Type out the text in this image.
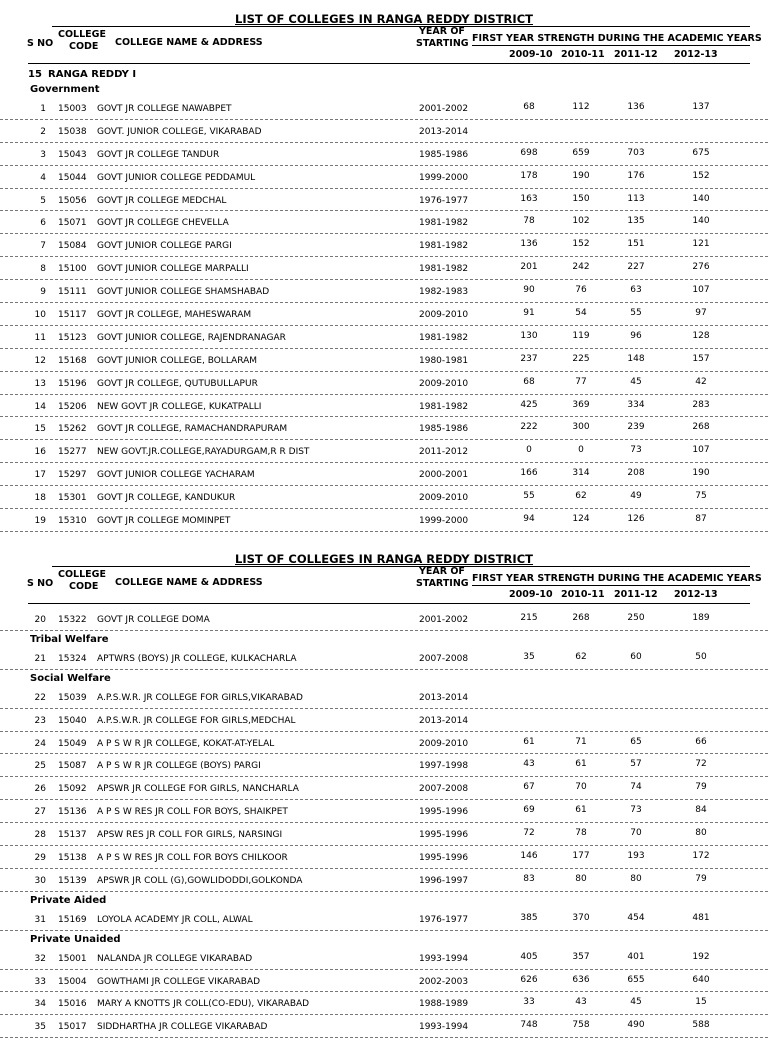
LIST OF COLLEGES IN RANGA REDDY DISTRICT
S NO
COLLEGE
CODE COLLEGE NAME & ADDRESS
YEAR OF
STARTING FIRST YEAR STRENGTH DURING THE ACADEMIC YEARS
2009-10 2010-11 2011-12 2012-13
15 RANGA REDDY I
Government
1 15003 GOVT JR COLLEGE NAWABPET	2001-2002	68	112	136	137
2 15038 GOVT. JUNIOR COLLEGE, VIKARABAD	2013-2014
3 15043 GOVT JR COLLEGE TANDUR	1985-1986	698	659	703	675
4 15044 GOVT JUNIOR COLLEGE PEDDAMUL	1999-2000	178	190	176	152
5 15056 GOVT JR COLLEGE MEDCHAL	1976-1977	163	150	113	140
6 15071 GOVT JR COLLEGE CHEVELLA	1981-1982	78	102	135	140
7 15084 GOVT JUNIOR COLLEGE PARGI	1981-1982	136	152	151	121
8 15100 GOVT JUNIOR COLLEGE MARPALLI	1981-1982	201	242	227	276
9 15111 GOVT JUNIOR COLLEGE SHAMSHABAD	1982-1983	90	76	63	107
10 15117 GOVT JR COLLEGE, MAHESWARAM	2009-2010	91	54	55	97
11 15123 GOVT JUNIOR COLLEGE, RAJENDRANAGAR	1981-1982	130	119	96	128
12 15168 GOVT JUNIOR COLLEGE, BOLLARAM	1980-1981	237	225	148	157
13 15196 GOVT JR COLLEGE, QUTUBULLAPUR	2009-2010	68	77	45	42
14 15206 NEW GOVT JR COLLEGE, KUKATPALLI	1981-1982	425	369	334	283
15 15262 GOVT JR COLLEGE, RAMACHANDRAPURAM	1985-1986	222	300	239	268
16 15277 NEW GOVT.JR.COLLEGE,RAYADURGAM,R R DIST	2011-2012	0	0	73	107
17 15297 GOVT JUNIOR COLLEGE YACHARAM	2000-2001	166	314	208	190
18 15301 GOVT JR COLLEGE, KANDUKUR	2009-2010	55	62	49	75
19 15310 GOVT JR COLLEGE MOMINPET	1999-2000	94	124	126	87
LIST OF COLLEGES IN RANGA REDDY DISTRICT
S NO
COLLEGE
CODE COLLEGE NAME & ADDRESS
YEAR OF
STARTING FIRST YEAR STRENGTH DURING THE ACADEMIC YEARS
2009-10 2010-11 2011-12 2012-13
20 15322 GOVT JR COLLEGE DOMA	2001-2002	215	268	250	189
Tribal Welfare
21 15324 APTWRS (BOYS) JR COLLEGE, KULKACHARLA	2007-2008	35	62	60	50
Social Welfare
22 15039 A.P.S.W.R. JR COLLEGE FOR GIRLS,VIKARABAD	2013-2014
23 15040 A.P.S.W.R. JR COLLEGE FOR GIRLS,MEDCHAL	2013-2014
24 15049 A P S W R JR COLLEGE, KOKAT-AT-YELAL	2009-2010	61	71	65	66
25 15087 A P S W R JR COLLEGE (BOYS) PARGI	1997-1998	43	61	57	72
26 15092 APSWR JR COLLEGE FOR GIRLS, NANCHARLA	2007-2008	67	70	74	79
27 15136 A P S W RES JR COLL FOR BOYS, SHAIKPET	1995-1996	69	61	73	84
28 15137 APSW RES JR COLL FOR GIRLS, NARSINGI	1995-1996	72	78	70	80
29 15138 A P S W RES JR COLL FOR BOYS CHILKOOR	1995-1996	146	177	193	172
30 15139 APSWR JR COLL (G),GOWLIDODDI,GOLKONDA	1996-1997	83	80	80	79
Private Aided
31 15169 LOYOLA ACADEMY JR COLL, ALWAL	1976-1977	385	370	454	481
Private Unaided
32 15001 NALANDA JR COLLEGE VIKARABAD	1993-1994	405	357	401	192
33 15004 GOWTHAMI JR COLLEGE VIKARABAD	2002-2003	626	636	655	640
34 15016 MARY A KNOTTS JR COLL(CO-EDU), VIKARABAD	1988-1989	33	43	45	15
35 15017 SIDDHARTHA JR COLLEGE VIKARABAD	1993-1994	748	758	490	588
